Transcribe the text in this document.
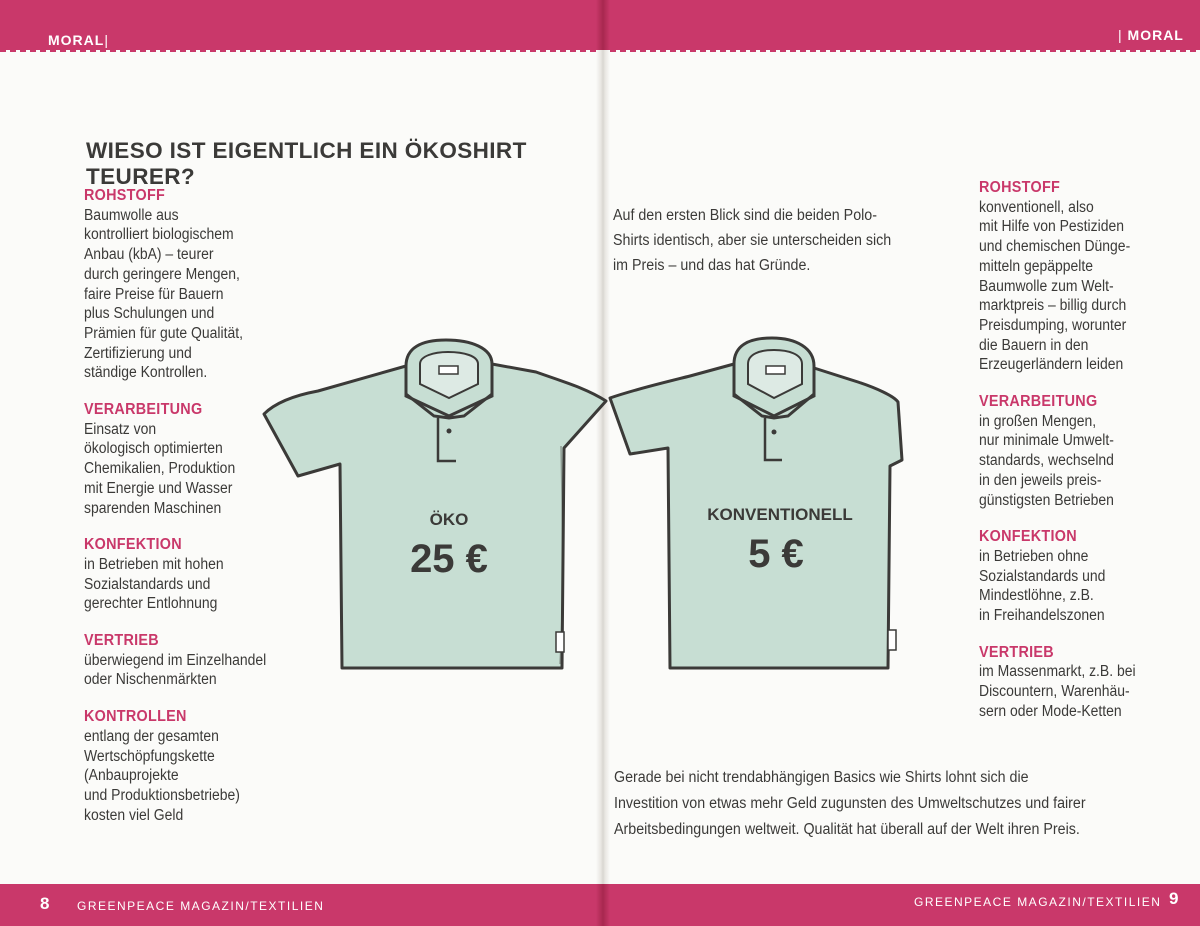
MORAL|	| MORAL
8 GREENPEACE MAGAZIN/TEXTILIEN	GREENPEACE MAGAZIN/TEXTILIEN 9
WIESO IST EIGENTLICH EIN ÖKOSHIRT TEURER?
ROHSTOFF
Baumwolle aus
kontrolliert biologischem
Anbau (kbA) – teurer
durch geringere Mengen,
faire Preise für Bauern
plus Schulungen und
Prämien für gute Qualität,
Zertifizierung und
ständige Kontrollen.
VERARBEITUNG
Einsatz von
ökologisch optimierten
Chemikalien, Produktion
mit Energie und Wasser
sparenden Maschinen
KONFEKTION
in Betrieben mit hohen
Sozialstandards und
gerechter Entlohnung
VERTRIEB
überwiegend im Einzelhandel
oder Nischenmärkten
KONTROLLEN
entlang der gesamten
Wertschöpfungskette
(Anbauprojekte
und Produktionsbetriebe)
kosten viel Geld
ROHSTOFF
konventionell, also
mit Hilfe von Pestiziden
und chemischen Dünge-
mitteln gepäppelte
Baumwolle zum Welt-
marktpreis – billig durch
Preisdumping, worunter
die Bauern in den
Erzeugerländern leiden
VERARBEITUNG
in großen Mengen,
nur minimale Umwelt-
standards, wechselnd
in den jeweils preis-
günstigsten Betrieben
KONFEKTION
in Betrieben ohne
Sozialstandards und
Mindestlöhne, z.B.
in Freihandelszonen
VERTRIEB
im Massenmarkt, z.B. bei
Discountern, Warenhäu-
sern oder Mode-Ketten
Auf den ersten Blick sind die beiden Polo-
Shirts identisch, aber sie unterscheiden sich
im Preis – und das hat Gründe.
Gerade bei nicht trendabhängigen Basics wie Shirts lohnt sich die
Investition von etwas mehr Geld zugunsten des Umweltschutzes und fairer
Arbeitsbedingungen weltweit. Qualität hat überall auf der Welt ihren Preis.
ÖKO
25 €
KONVENTIONELL
5 €
